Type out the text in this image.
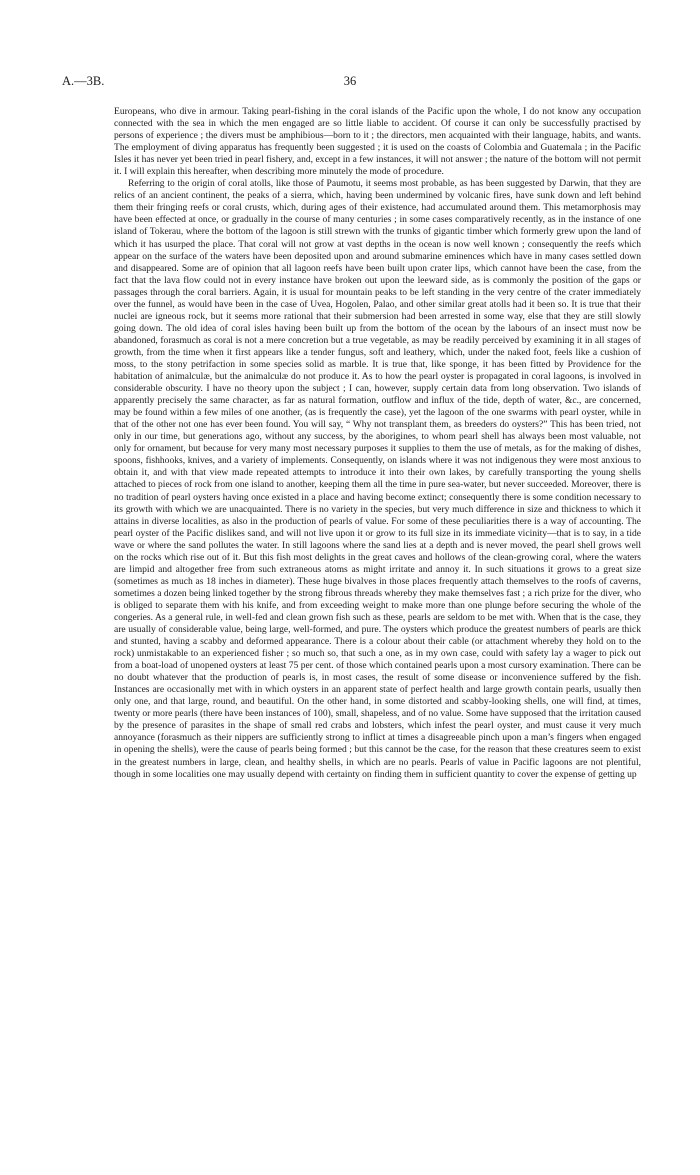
A.—3B.	36

Europeans, who dive in armour. Taking pearl-fishing in the coral islands of the Pacific upon the whole, I do not know any occupation connected with the sea in which the men engaged are so little liable to accident. Of course it can only be successfully practised by persons of experience ; the divers must be amphibious—born to it ; the directors, men acquainted with their language, habits, and wants. The employment of diving apparatus has frequently been suggested ; it is used on the coasts of Colombia and Guatemala ; in the Pacific Isles it has never yet been tried in pearl fishery, and, except in a few instances, it will not answer ; the nature of the bottom will not permit it. I will explain this hereafter, when describing more minutely the mode of procedure.

Referring to the origin of coral atolls, like those of Paumotu, it seems most probable, as has been suggested by Darwin, that they are relics of an ancient continent, the peaks of a sierra, which, having been undermined by volcanic fires, have sunk down and left behind them their fringing reefs or coral crusts, which, during ages of their existence, had accumulated around them. This metamorphosis may have been effected at once, or gradually in the course of many centuries ; in some cases comparatively recently, as in the instance of one island of Tokerau, where the bottom of the lagoon is still strewn with the trunks of gigantic timber which formerly grew upon the land of which it has usurped the place. That coral will not grow at vast depths in the ocean is now well known ; consequently the reefs which appear on the surface of the waters have been deposited upon and around submarine eminences which have in many cases settled down and disappeared. Some are of opinion that all lagoon reefs have been built upon crater lips, which cannot have been the case, from the fact that the lava flow could not in every instance have broken out upon the leeward side, as is commonly the position of the gaps or passages through the coral barriers. Again, it is usual for mountain peaks to be left standing in the very centre of the crater immediately over the funnel, as would have been in the case of Uvea, Hogolen, Palao, and other similar great atolls had it been so. It is true that their nuclei are igneous rock, but it seems more rational that their submersion had been arrested in some way, else that they are still slowly going down. The old idea of coral isles having been built up from the bottom of the ocean by the labours of an insect must now be abandoned, forasmuch as coral is not a mere concretion but a true vegetable, as may be readily perceived by examining it in all stages of growth, from the time when it first appears like a tender fungus, soft and leathery, which, under the naked foot, feels like a cushion of moss, to the stony petrifaction in some species solid as marble. It is true that, like sponge, it has been fitted by Providence for the habitation of animalculæ, but the animalculæ do not produce it. As to how the pearl oyster is propagated in coral lagoons, is involved in considerable obscurity. I have no theory upon the subject ; I can, however, supply certain data from long observation. Two islands of apparently precisely the same character, as far as natural formation, outflow and influx of the tide, depth of water, &c., are concerned, may be found within a few miles of one another, (as is frequently the case), yet the lagoon of the one swarms with pearl oyster, while in that of the other not one has ever been found. You will say, “ Why not transplant them, as breeders do oysters?” This has been tried, not only in our time, but generations ago, without any success, by the aborigines, to whom pearl shell has always been most valuable, not only for ornament, but because for very many most necessary purposes it supplies to them the use of metals, as for the making of dishes, spoons, fishhooks, knives, and a variety of implements. Consequently, on islands where it was not indigenous they were most anxious to obtain it, and with that view made repeated attempts to introduce it into their own lakes, by carefully transporting the young shells attached to pieces of rock from one island to another, keeping them all the time in pure sea-water, but never succeeded. Moreover, there is no tradition of pearl oysters having once existed in a place and having become extinct; consequently there is some condition necessary to its growth with which we are unacquainted. There is no variety in the species, but very much difference in size and thickness to which it attains in diverse localities, as also in the production of pearls of value. For some of these peculiarities there is a way of accounting. The pearl oyster of the Pacific dislikes sand, and will not live upon it or grow to its full size in its immediate vicinity—that is to say, in a tide wave or where the sand pollutes the water. In still lagoons where the sand lies at a depth and is never moved, the pearl shell grows well on the rocks which rise out of it. But this fish most delights in the great caves and hollows of the clean-growing coral, where the waters are limpid and altogether free from such extraneous atoms as might irritate and annoy it. In such situations it grows to a great size (sometimes as much as 18 inches in diameter). These huge bivalves in those places frequently attach themselves to the roofs of caverns, sometimes a dozen being linked together by the strong fibrous threads whereby they make themselves fast ; a rich prize for the diver, who is obliged to separate them with his knife, and from exceeding weight to make more than one plunge before securing the whole of the congeries. As a general rule, in well-fed and clean grown fish such as these, pearls are seldom to be met with. When that is the case, they are usually of considerable value, being large, well-formed, and pure. The oysters which produce the greatest numbers of pearls are thick and stunted, having a scabby and deformed appearance. There is a colour about their cable (or attachment whereby they hold on to the rock) unmistakable to an experienced fisher ; so much so, that such a one, as in my own case, could with safety lay a wager to pick out from a boat-load of unopened oysters at least 75 per cent. of those which contained pearls upon a most cursory examination. There can be no doubt whatever that the production of pearls is, in most cases, the result of some disease or inconvenience suffered by the fish. Instances are occasionally met with in which oysters in an apparent state of perfect health and large growth contain pearls, usually then only one, and that large, round, and beautiful. On the other hand, in some distorted and scabby-looking shells, one will find, at times, twenty or more pearls (there have been instances of 100), small, shapeless, and of no value. Some have supposed that the irritation caused by the presence of parasites in the shape of small red crabs and lobsters, which infest the pearl oyster, and must cause it very much annoyance (forasmuch as their nippers are sufficiently strong to inflict at times a disagreeable pinch upon a man’s fingers when engaged in opening the shells), were the cause of pearls being formed ; but this cannot be the case, for the reason that these creatures seem to exist in the greatest numbers in large, clean, and healthy shells, in which are no pearls. Pearls of value in Pacific lagoons are not plentiful, though in some localities one may usually depend with certainty on finding them in sufficient quantity to cover the expense of getting up
